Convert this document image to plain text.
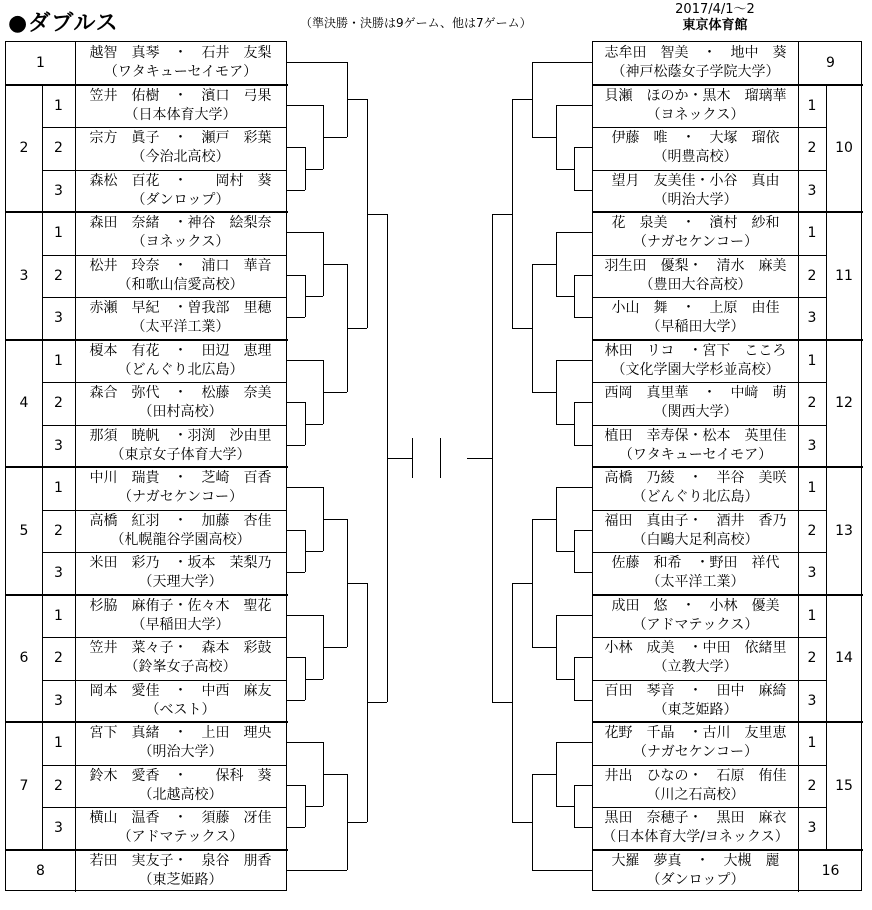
●ダブルス	（準決勝・決勝は9ゲーム、他は7ゲーム）
2017/4/1～2
東京体育館
1
越智　真琴　・　石井　友梨
（ワタキューセイモア）
2
1
笠井　佑樹　・　濱口　弓果
（日本体育大学）
2
宗方　眞子　・　瀬戸　彩葉
（今治北高校）
3
森松　百花　・　　岡村　葵
（ダンロップ）
3
1
森田　奈緒　・神谷　絵梨奈
（ヨネックス）
2
松井　玲奈　・　浦口　華音
（和歌山信愛高校）
3
赤瀬　早紀　・曽我部　里穂
（太平洋工業）
4
1
榎本　有花　・　田辺　恵理
（どんぐり北広島）
2
森合　弥代　・　松藤　奈美
（田村高校）
3
那須　暁帆　・羽渕　沙由里
（東京女子体育大学）
5
1
中川　瑞貴　・　芝崎　百香
（ナガセケンコー）
2
高橋　紅羽　・　加藤　杏佳
（札幌龍谷学園高校）
3
米田　彩乃　・坂本　茉梨乃
（天理大学）
6
1
杉脇　麻侑子・佐々木　聖花
（早稲田大学）
2
笠井　菜々子・　森本　彩鼓
（鈴峯女子高校）
3
岡本　愛佳　・　中西　麻友
（ベスト）
7
1
宮下　真緒　・　上田　理央
（明治大学）
2
鈴木　愛香　・　　保科　葵
（北越高校）
3
横山　温香　・　須藤　冴佳
（アドマテックス）
8
若田　実友子・　泉谷　朋香
（東芝姫路）
9
志牟田　智美　・　地中　葵
（神戸松蔭女子学院大学）
10
1
貝瀬　ほのか・黒木　瑠璃華
（ヨネックス）
2
伊藤　唯　・　大塚　瑠依
（明豊高校）
3
望月　友美佳・小谷　真由
（明治大学）
11
1
花　泉美　・　濱村　紗和
（ナガセケンコー）
2
羽生田　優梨・　清水　麻美
（豊田大谷高校）
3
小山　舞　・　上原　由佳
（早稲田大学）
12
1
林田　リコ　・宮下　こころ
（文化学園大学杉並高校）
2
西岡　真里華　・　中﨑　萌
（関西大学）
3
植田　幸寿保・松本　英里佳
（ワタキューセイモア）
13
1
高橋　乃綾　・　半谷　美咲
（どんぐり北広島）
2
福田　真由子・　酒井　香乃
（白鷗大足利高校）
3
佐藤　和希　・野田　祥代
（太平洋工業）
14
1
成田　悠　・　小林　優美
（アドマテックス）
2
小林　成美　・中田　依緒里
（立教大学）
3
百田　琴音　・　田中　麻綺
（東芝姫路）
15
1
花野　千晶　・古川　友里恵
（ナガセケンコー）
2
井出　ひなの・　石原　侑佳
（川之石高校）
3
黒田　奈穂子・　黒田　麻衣
（日本体育大学/ヨネックス）
16
大羅　夢真　・　大槻　麗
（ダンロップ）
